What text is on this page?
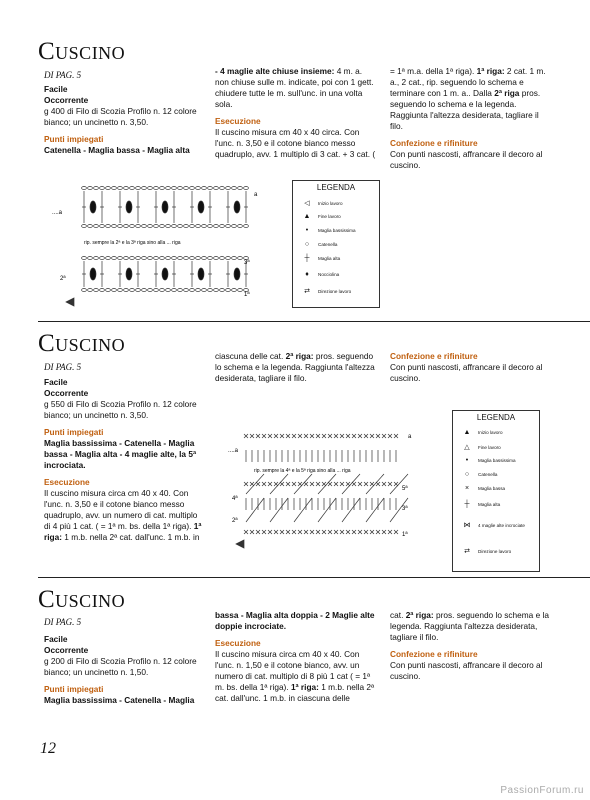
Cuscino
DI PAG. 5

Facile

Occorrente

g 400 di Filo di Scozia Profilo n. 12 colore bianco; un uncinetto n. 3,50.

Punti impiegati

Catenella - Maglia bassa - Maglia alta

- 4 maglie alte chiuse insieme: 4 m. a. non chiuse sulle m. indicate, poi con 1 gett. chiudere tutte le m. sull'unc. in una volta sola.

Esecuzione

Il cuscino misura cm 40 x 40 circa. Con l'unc. n. 3,50 e il cotone bianco messo quadruplo, avv. 1 multiplo di 3 cat. + 3 cat. (

= 1ª m.a. della 1ª riga). 1ª riga: 2 cat. 1 m. a., 2 cat., rip. seguendo lo schema e terminare con 1 m. a.. Dalla 2ª riga pros. seguendo lo schema e la legenda. Raggiunta l'altezza desiderata, tagliare il filo.

Confezione e rifiniture

Con punti nascosti, affrancare il decoro al cuscino.

....a
a
rip. sempre la 2ª e la 3ª riga sino alla ... riga
3ª
2ª
1ª
LEGENDA
◁	Inizio lavoro
▲	Fine lavoro
•	Maglia bassissima
○	Catenella
┼	Maglia alta
♦	Nocciolina
⇄	Direzione lavoro
Cuscino
DI PAG. 5

Facile

Occorrente

g 550 di Filo di Scozia Profilo n. 12 colore bianco; un uncinetto n. 3,50.

Punti impiegati

Maglia bassissima - Catenella - Maglia bassa - Maglia alta - 4 maglie alte, la 5ª incrociata.

Esecuzione

Il cuscino misura circa cm 40 x 40. Con l'unc. n. 3,50 e il cotone bianco messo quadruplo, avv. un numero di cat. multiplo di 4 più 1 cat. ( = 1ª m. bs. della 1ª riga). 1ª riga: 1 m.b. nella 2ª cat. dall'unc. 1 m.b. in

ciascuna delle cat. 2ª riga: pros. seguendo lo schema e la legenda. Raggiunta l'altezza desiderata, tagliare il filo.

Confezione e rifiniture

Con punti nascosti, affrancare il decoro al cuscino.

....a
a
rip. sempre la 4ª e la 5ª riga sino alla ... riga
5ª
4ª
3ª
2ª
1ª
LEGENDA
▲	Inizio lavoro
△	Fine lavoro
•	Maglia bassissima
○	Catenella
×	Maglia bassa
┼	Maglia alta
⋈	4 maglie alte incrociate
⇄	Direzione lavoro
Cuscino
DI PAG. 5

Facile

Occorrente

g 200 di Filo di Scozia Profilo n. 12 colore bianco; un uncinetto n. 1,50.

Punti impiegati

Maglia bassissima - Catenella - Maglia

bassa - Maglia alta doppia - 2 Maglie alte doppie incrociate.

Esecuzione

Il cuscino misura circa cm 40 x 40. Con l'unc. n. 1,50 e il cotone bianco, avv. un numero di cat. multiplo di 8 più 1 cat ( = 1ª m. bs. della 1ª riga). 1ª riga: 1 m.b. nella 2ª cat. dall'unc. 1 m.b. in ciascuna delle

cat. 2ª riga: pros. seguendo lo schema e la legenda. Raggiunta l'altezza desiderata, tagliare il filo.

Confezione e rifiniture

Con punti nascosti, affrancare il decoro al cuscino.

12
PassionForum.ru
